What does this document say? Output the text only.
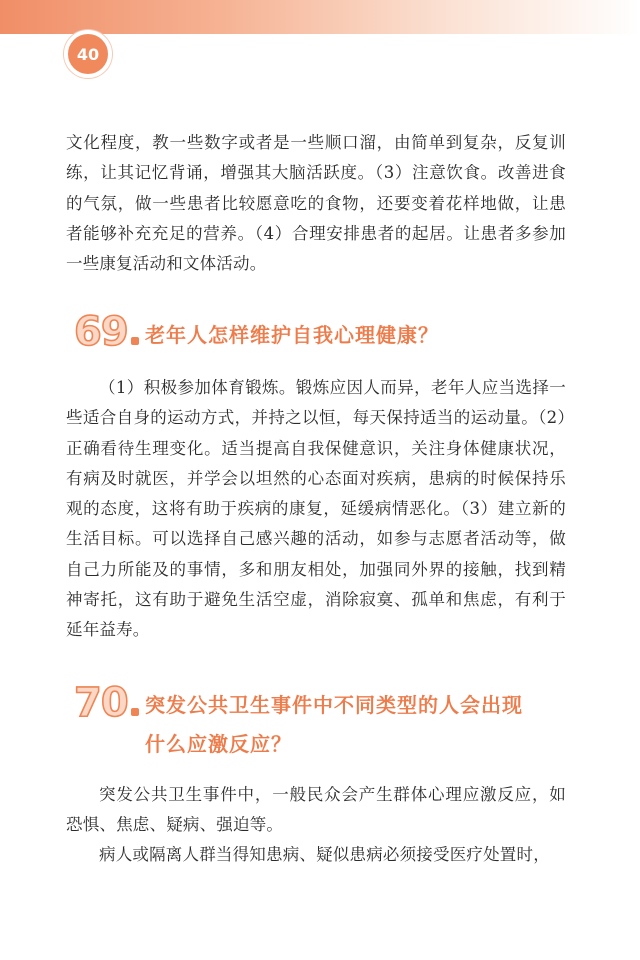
40

文化程度，教一些数字或者是一些顺口溜，由简单到复杂，反复训练，让其记忆背诵，增强其大脑活跃度。（3）注意饮食。改善进食的气氛，做一些患者比较愿意吃的食物，还要变着花样地做，让患者能够补充充足的营养。（4）合理安排患者的起居。让患者多参加一些康复活动和文体活动。

69 老年人怎样维护自我心理健康？

（1）积极参加体育锻炼。锻炼应因人而异，老年人应当选择一些适合自身的运动方式，并持之以恒，每天保持适当的运动量。（2）正确看待生理变化。适当提高自我保健意识，关注身体健康状况，有病及时就医，并学会以坦然的心态面对疾病，患病的时候保持乐观的态度，这将有助于疾病的康复，延缓病情恶化。（3）建立新的生活目标。可以选择自己感兴趣的活动，如参与志愿者活动等，做自己力所能及的事情，多和朋友相处，加强同外界的接触，找到精神寄托，这有助于避免生活空虚，消除寂寞、孤单和焦虑，有利于延年益寿。

70 突发公共卫生事件中不同类型的人会出现
什么应激反应？

突发公共卫生事件中，一般民众会产生群体心理应激反应，如恐惧、焦虑、疑病、强迫等。

病人或隔离人群当得知患病、疑似患病必须接受医疗处置时，
